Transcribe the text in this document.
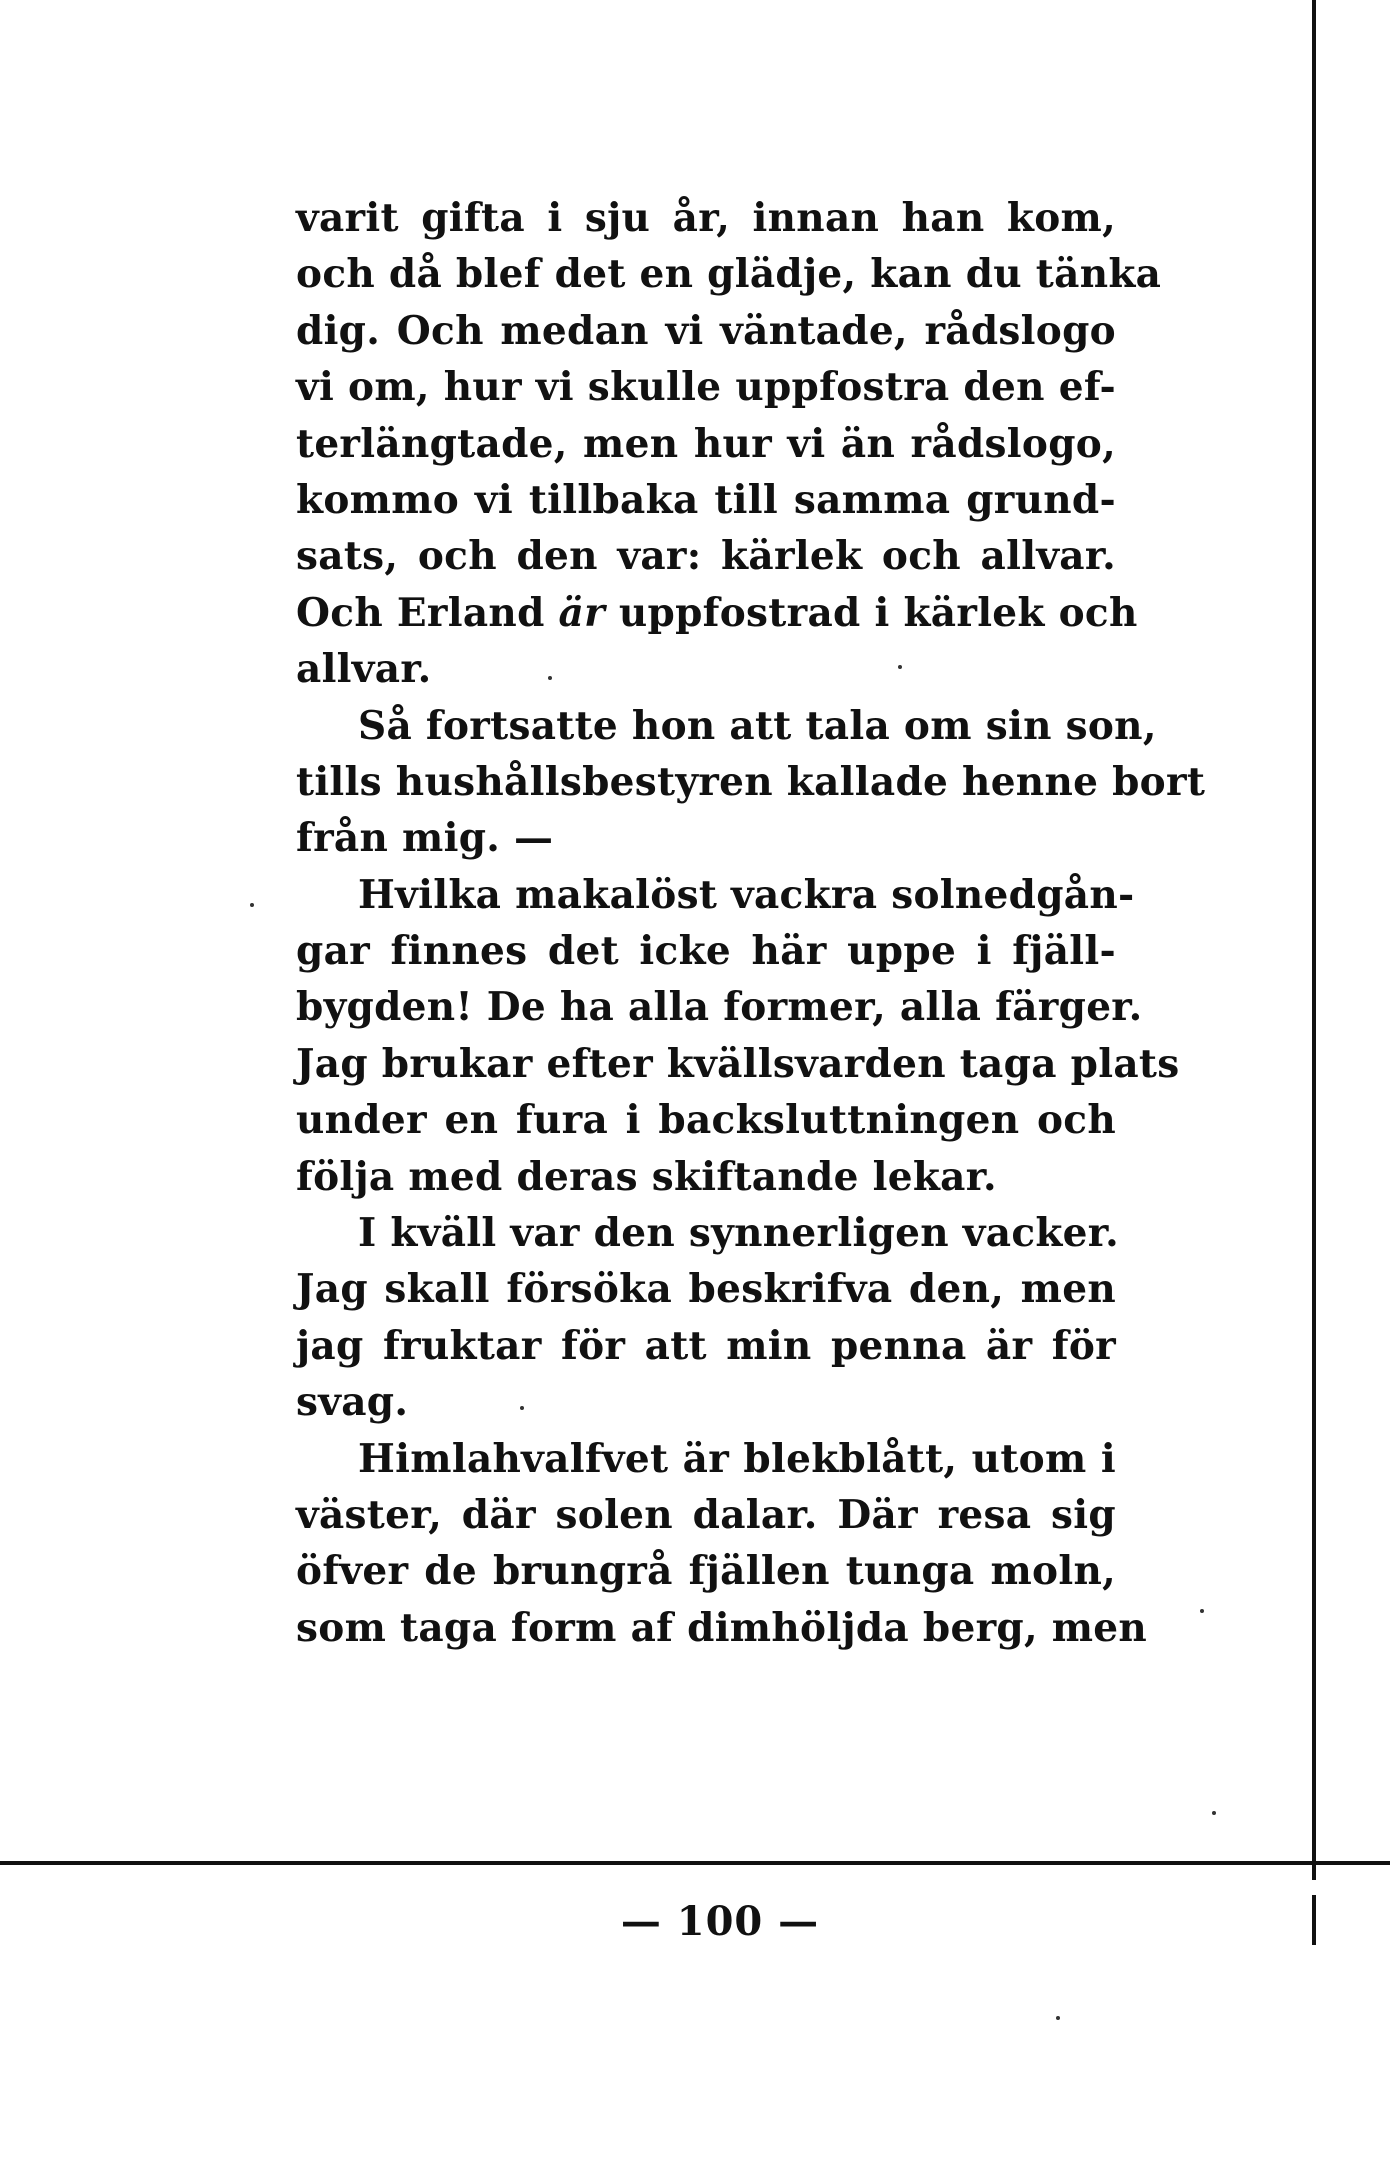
varit gifta i sju år, innan han kom,
och då blef det en glädje, kan du tänka
dig. Och medan vi väntade, rådslogo
vi om, hur vi skulle uppfostra den ef-
terlängtade, men hur vi än rådslogo,
kommo vi tillbaka till samma grund-
sats, och den var: kärlek och allvar.
Och Erland är uppfostrad i kärlek och
allvar.
Så fortsatte hon att tala om sin son,
tills hushållsbestyren kallade henne bort
från mig. —
Hvilka makalöst vackra solnedgån-
gar finnes det icke här uppe i fjäll-
bygden! De ha alla former, alla färger.
Jag brukar efter kvällsvarden taga plats
under en fura i backsluttningen och
följa med deras skiftande lekar.
I kväll var den synnerligen vacker.
Jag skall försöka beskrifva den, men
jag fruktar för att min penna är för
svag.
Himlahvalfvet är blekblått, utom i
väster, där solen dalar. Där resa sig
öfver de brungrå fjällen tunga moln,
som taga form af dimhöljda berg, men
— 100 —
